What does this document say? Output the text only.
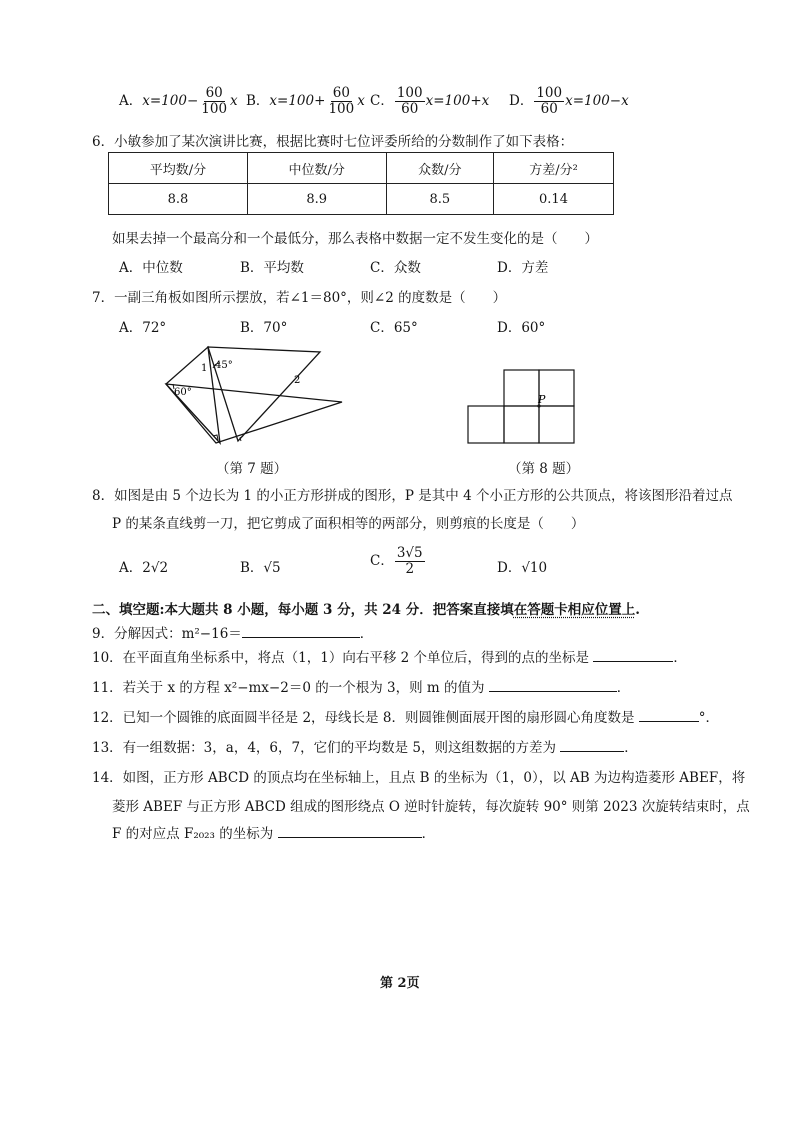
A．$x=100- \frac{60}{100}$ x B．$x=100+ \frac{60}{100}$ x C． $\frac{100}{60} x=100+x$ D． $\frac{100}{60} x=100-x$
6．小敏参加了某次演讲比赛，根据比赛时七位评委所给的分数制作了如下表格：
平均数/分	中位数/分	众数/分	方差/分²
8.8	8.9	8.5	0.14
如果去掉一个最高分和一个最低分，那么表格中数据一定不发生变化的是（　　）
A．中位数	B．平均数	C．众数	D．方差
7．一副三角板如图所示摆放，若∠1＝80°，则∠2 的度数是（　　）
A．72°	B．70°	C．65°	D．60°
45°
60°
1
2
（第 7 题）
P
（第 8 题）
8．如图是由 5 个边长为 1 的小正方形拼成的图形，P 是其中 4 个小正方形的公共顶点，将该图形沿着过点
P 的某条直线剪一刀，把它剪成了面积相等的两部分，则剪痕的长度是（　　）
A．2√2	B．√5	C． $\frac{3√5}{2}$	D．√10
二、填空题:本大题共 8 小题，每小题 3 分，共 24 分．把答案直接填在答题卡相应位置上.
9．分解因式：m²−16＝	．
10．在平面直角坐标系中，将点（1，1）向右平移 2 个单位后，得到的点的坐标是	．
11．若关于 x 的方程 x²−mx−2＝0 的一个根为 3，则 m 的值为	．
12．已知一个圆锥的底面圆半径是 2，母线长是 8．则圆锥侧面展开图的扇形圆心角度数是	°．
13．有一组数据：3，a，4，6，7，它们的平均数是 5，则这组数据的方差为	．
14．如图，正方形 ABCD 的顶点均在坐标轴上，且点 B 的坐标为（1，0），以 AB 为边构造菱形 ABEF，将
菱形 ABEF 与正方形 ABCD 组成的图形绕点 O 逆时针旋转，每次旋转 90° 则第 2023 次旋转结束时，点
F 的对应点 F₂₀₂₃ 的坐标为	．
第 2页
